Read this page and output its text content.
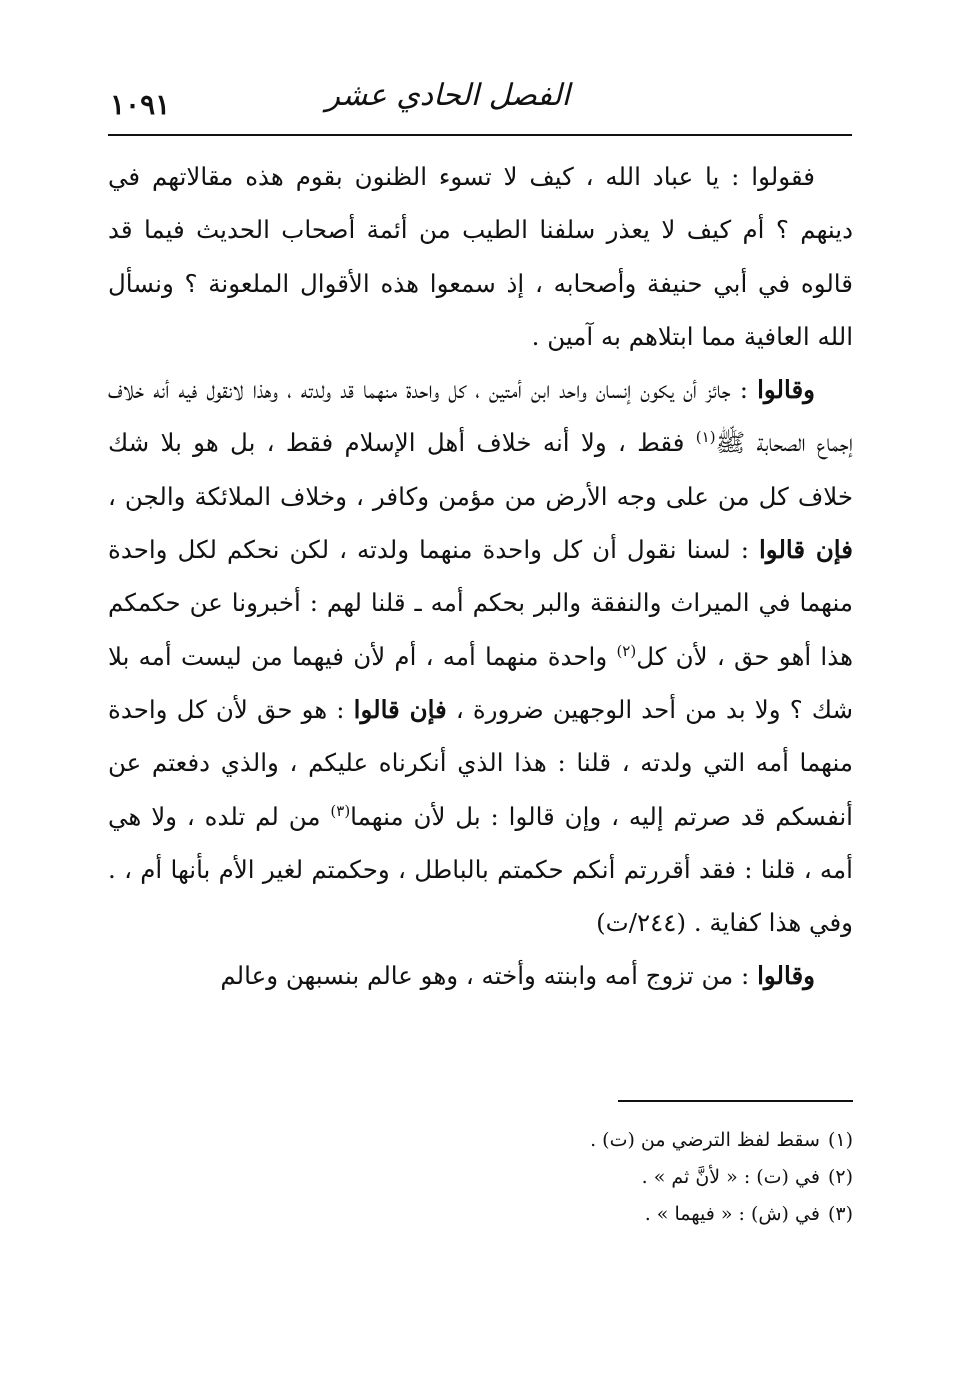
١٠٩١	الفصل الحادي عشر

فقولوا : يا عباد الله ، كيف لا تسوء الظنون بقوم هذه مقالاتهم في دينهم ؟ أم كيف لا يعذر سلفنا الطيب من أئمة أصحاب الحديث فيما قد قالوه في أبي حنيفة وأصحابه ، إذ سمعوا هذه الأقوال الملعونة ؟ ونسأل الله العافية مما ابتلاهم به آمين .

وقالوا : جائز أن يكون إنسان واحد ابن أمتين ، كل واحدة منهما قد ولدته ، وهذا لانقول فيه أنه خلاف إجماع الصحابة ﷺ$^{(١)}$ فقط ، ولا أنه خلاف أهل الإسلام فقط ، بل هو بلا شك خلاف كل من على وجه الأرض من مؤمن وكافر ، وخلاف الملائكة والجن ، فإن قالوا : لسنا نقول أن كل واحدة منهما ولدته ، لكن نحكم لكل واحدة منهما في الميراث والنفقة والبر بحكم أمه ـ قلنا لهم : أخبرونا عن حكمكم هذا أهو حق ، لأن كل$^{(٢)}$ واحدة منهما أمه ، أم لأن فيهما من ليست أمه بلا شك ؟ ولا بد من أحد الوجهين ضرورة ، فإن قالوا : هو حق لأن كل واحدة منهما أمه التي ولدته ، قلنا : هذا الذي أنكرناه عليكم ، والذي دفعتم عن أنفسكم قد صرتم إليه ، وإن قالوا : بل لأن منهما$^{(٣)}$ من لم تلده ، ولا هي أمه ، قلنا : فقد أقررتم أنكم حكمتم بالباطل ، وحكمتم لغير الأم بأنها أم ، . وفي هذا كفاية . (٢٤٤/ت)

وقالوا : من تزوج أمه وابنته وأخته ، وهو عالم بنسبهن وعالم

(١)سقط لفظ الترضي من (ت) .

(٢)في (ت) : « لأنَّ ثم » .

(٣)في (ش) : « فيهما » .
